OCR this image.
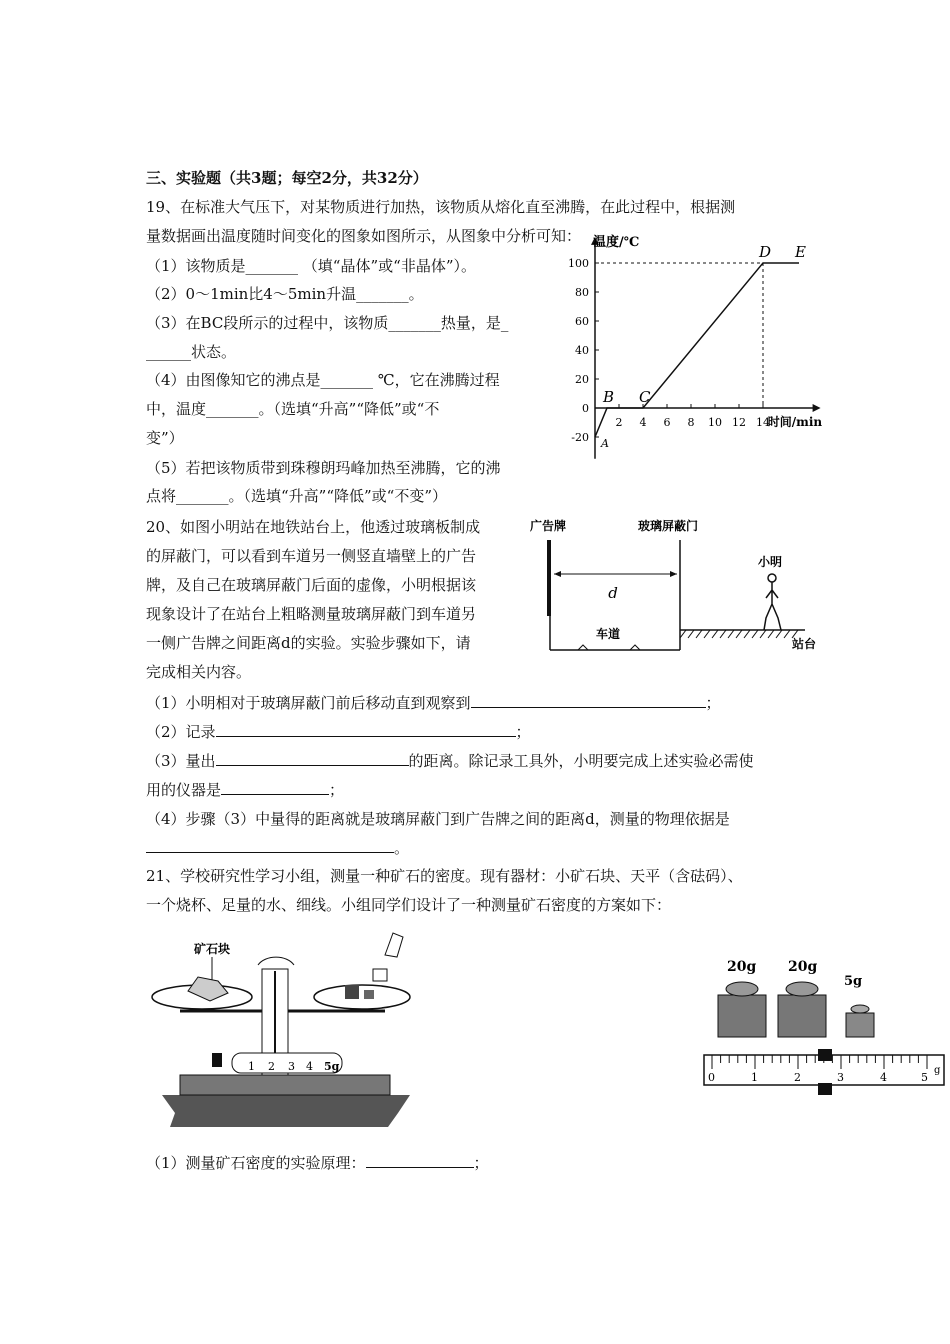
三、实验题（共3题；每空2分，共32分）
19、在标准大气压下，对某物质进行加热，该物质从熔化直至沸腾，在此过程中，根据测
量数据画出温度随时间变化的图象如图所示，从图象中分析可知：
（1）该物质是_______ （填“晶体”或“非晶体”）。
（2）0～1min比4～5min升温_______。
（3）在BC段所示的过程中，该物质_______热量，是_
______状态。
（4）由图像知它的沸点是_______ ℃，它在沸腾过程
中，温度_______。（选填“升高”“降低”或“不
变”）
（5）若把该物质带到珠穆朗玛峰加热至沸腾，它的沸
点将_______。（选填“升高”“降低”或“不变”）
温度/℃
时间/min
100
80
60
40
20
0
-20
2 4 6 8 10 12 14
B C
D E
A
20、如图小明站在地铁站台上，他透过玻璃板制成
的屏蔽门，可以看到车道另一侧竖直墙壁上的广告
牌，及自己在玻璃屏蔽门后面的虚像，小明根据该
现象设计了在站台上粗略测量玻璃屏蔽门到车道另
一侧广告牌之间距离d的实验。实验步骤如下，请
完成相关内容。
广告牌	玻璃屏蔽门
小明
d
车道
站台
（1）小明相对于玻璃屏蔽门前后移动直到观察到	；
（2）记录	；
（3）量出	的距离。除记录工具外，小明要完成上述实验必需使
用的仪器是	；
（4）步骤（3）中量得的距离就是玻璃屏蔽门到广告牌之间的距离d，测量的物理依据是
。
21、学校研究性学习小组，测量一种矿石的密度。现有器材：小矿石块、天平（含砝码）、
一个烧杯、足量的水、细线。小组同学们设计了一种测量矿石密度的方案如下：
矿石块
1 2 3 4 5g
20g 20g
5g
0	1	2	3	4	5
g
（1）测量矿石密度的实验原理：	；
